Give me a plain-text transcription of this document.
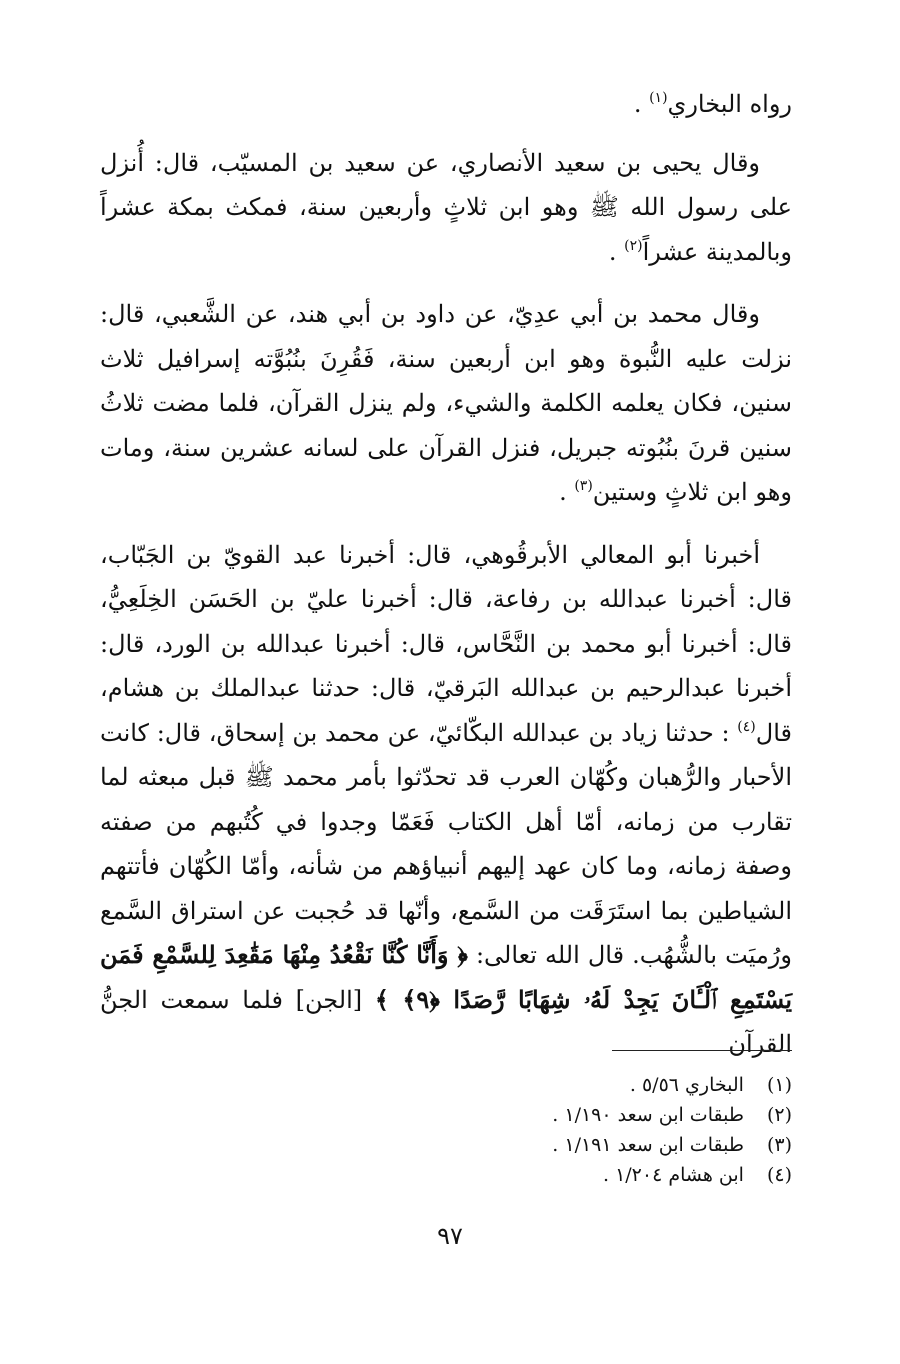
رواه البخاري$^{(١)}$ .

وقال يحيى بن سعيد الأنصاري، عن سعيد بن المسيّب، قال: أُنزل على رسول الله ﷺ وهو ابن ثلاثٍ وأربعين سنة، فمكث بمكة عشراً وبالمدينة عشراً$^{(٢)}$ .

وقال محمد بن أبي عدِيّ، عن داود بن أبي هند، عن الشَّعبي، قال: نزلت عليه النُّبوة وهو ابن أربعين سنة، فَقُرِنَ بنُبُوَّته إسرافيل ثلاث سنين، فكان يعلمه الكلمة والشيء، ولم ينزل القرآن، فلما مضت ثلاثُ سنين قرنَ بنُبُوته جبريل، فنزل القرآن على لسانه عشرين سنة، ومات وهو ابن ثلاثٍ وستين$^{(٣)}$ .

أخبرنا أبو المعالي الأبرقُوهي، قال: أخبرنا عبد القويّ بن الجَبّاب، قال: أخبرنا عبدالله بن رفاعة، قال: أخبرنا عليّ بن الحَسَن الخِلَعِيُّ، قال: أخبرنا أبو محمد بن النَّحَّاس، قال: أخبرنا عبدالله بن الورد، قال: أخبرنا عبدالرحيم بن عبدالله البَرقيّ، قال: حدثنا عبدالملك بن هشام، قال$^{(٤)}$ : حدثنا زياد بن عبدالله البكّائيّ، عن محمد بن إسحاق، قال: كانت الأحبار والرُّهبان وكُهّان العرب قد تحدّثوا بأمر محمد ﷺ قبل مبعثه لما تقارب من زمانه، أمّا أهل الكتاب فَعَمّا وجدوا في كُتُبهم من صفته وصفة زمانه، وما كان عهد إليهم أنبياؤهم من شأنه، وأمّا الكُهّان فأتتهم الشياطين بما استَرَقَت من السَّمع، وأنّها قد حُجبت عن استراق السَّمع ورُميَت بالشُّهُب. قال الله تعالى: ﴿ وَأَنَّا كُنَّا نَقْعُدُ مِنْهَا مَقَٰعِدَ لِلسَّمْعِ فَمَن يَسْتَمِعِ ٱلْـَٔانَ يَجِدْ لَهُۥ شِهَابًا رَّصَدًا ﴿٩﴾ ﴾ [الجن] فلما سمعت الجنُّ القرآن

(١) البخاري ٥/٥٦ .
(٢) طبقات ابن سعد ١/١٩٠ .
(٣) طبقات ابن سعد ١/١٩١ .
(٤) ابن هشام ١/٢٠٤ .
٩٧
